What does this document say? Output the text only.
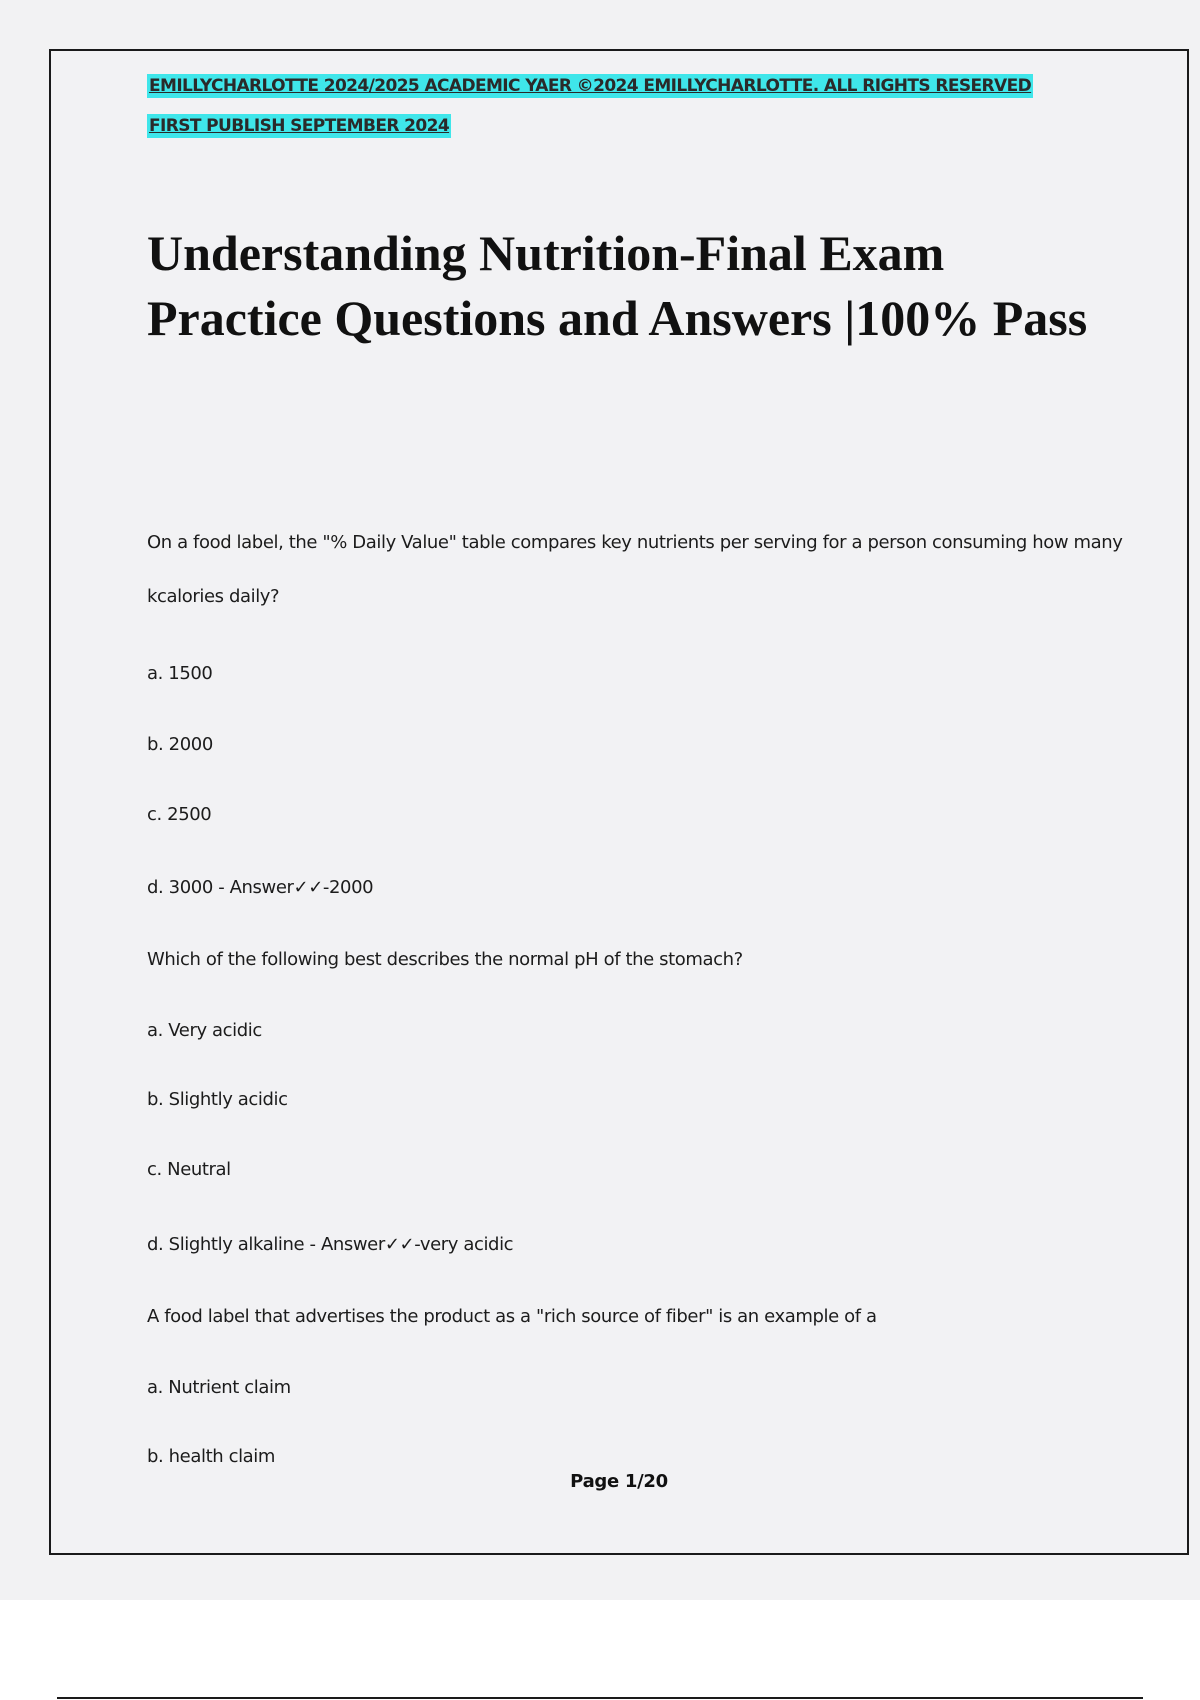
EMILLYCHARLOTTE 2024/2025 ACADEMIC YAER ©2024 EMILLYCHARLOTTE. ALL RIGHTS RESERVED
FIRST PUBLISH SEPTEMBER 2024
Understanding Nutrition-Final Exam Practice Questions and Answers |100% Pass

On a food label, the "% Daily Value" table compares key nutrients per serving for a person consuming how many kcalories daily?

a. 1500

b. 2000

c. 2500

d. 3000 - Answer✓✓-2000

Which of the following best describes the normal pH of the stomach?

a. Very acidic

b. Slightly acidic

c. Neutral

d. Slightly alkaline - Answer✓✓-very acidic

A food label that advertises the product as a "rich source of fiber" is an example of a

a. Nutrient claim

b. health claim

Page 1/20
